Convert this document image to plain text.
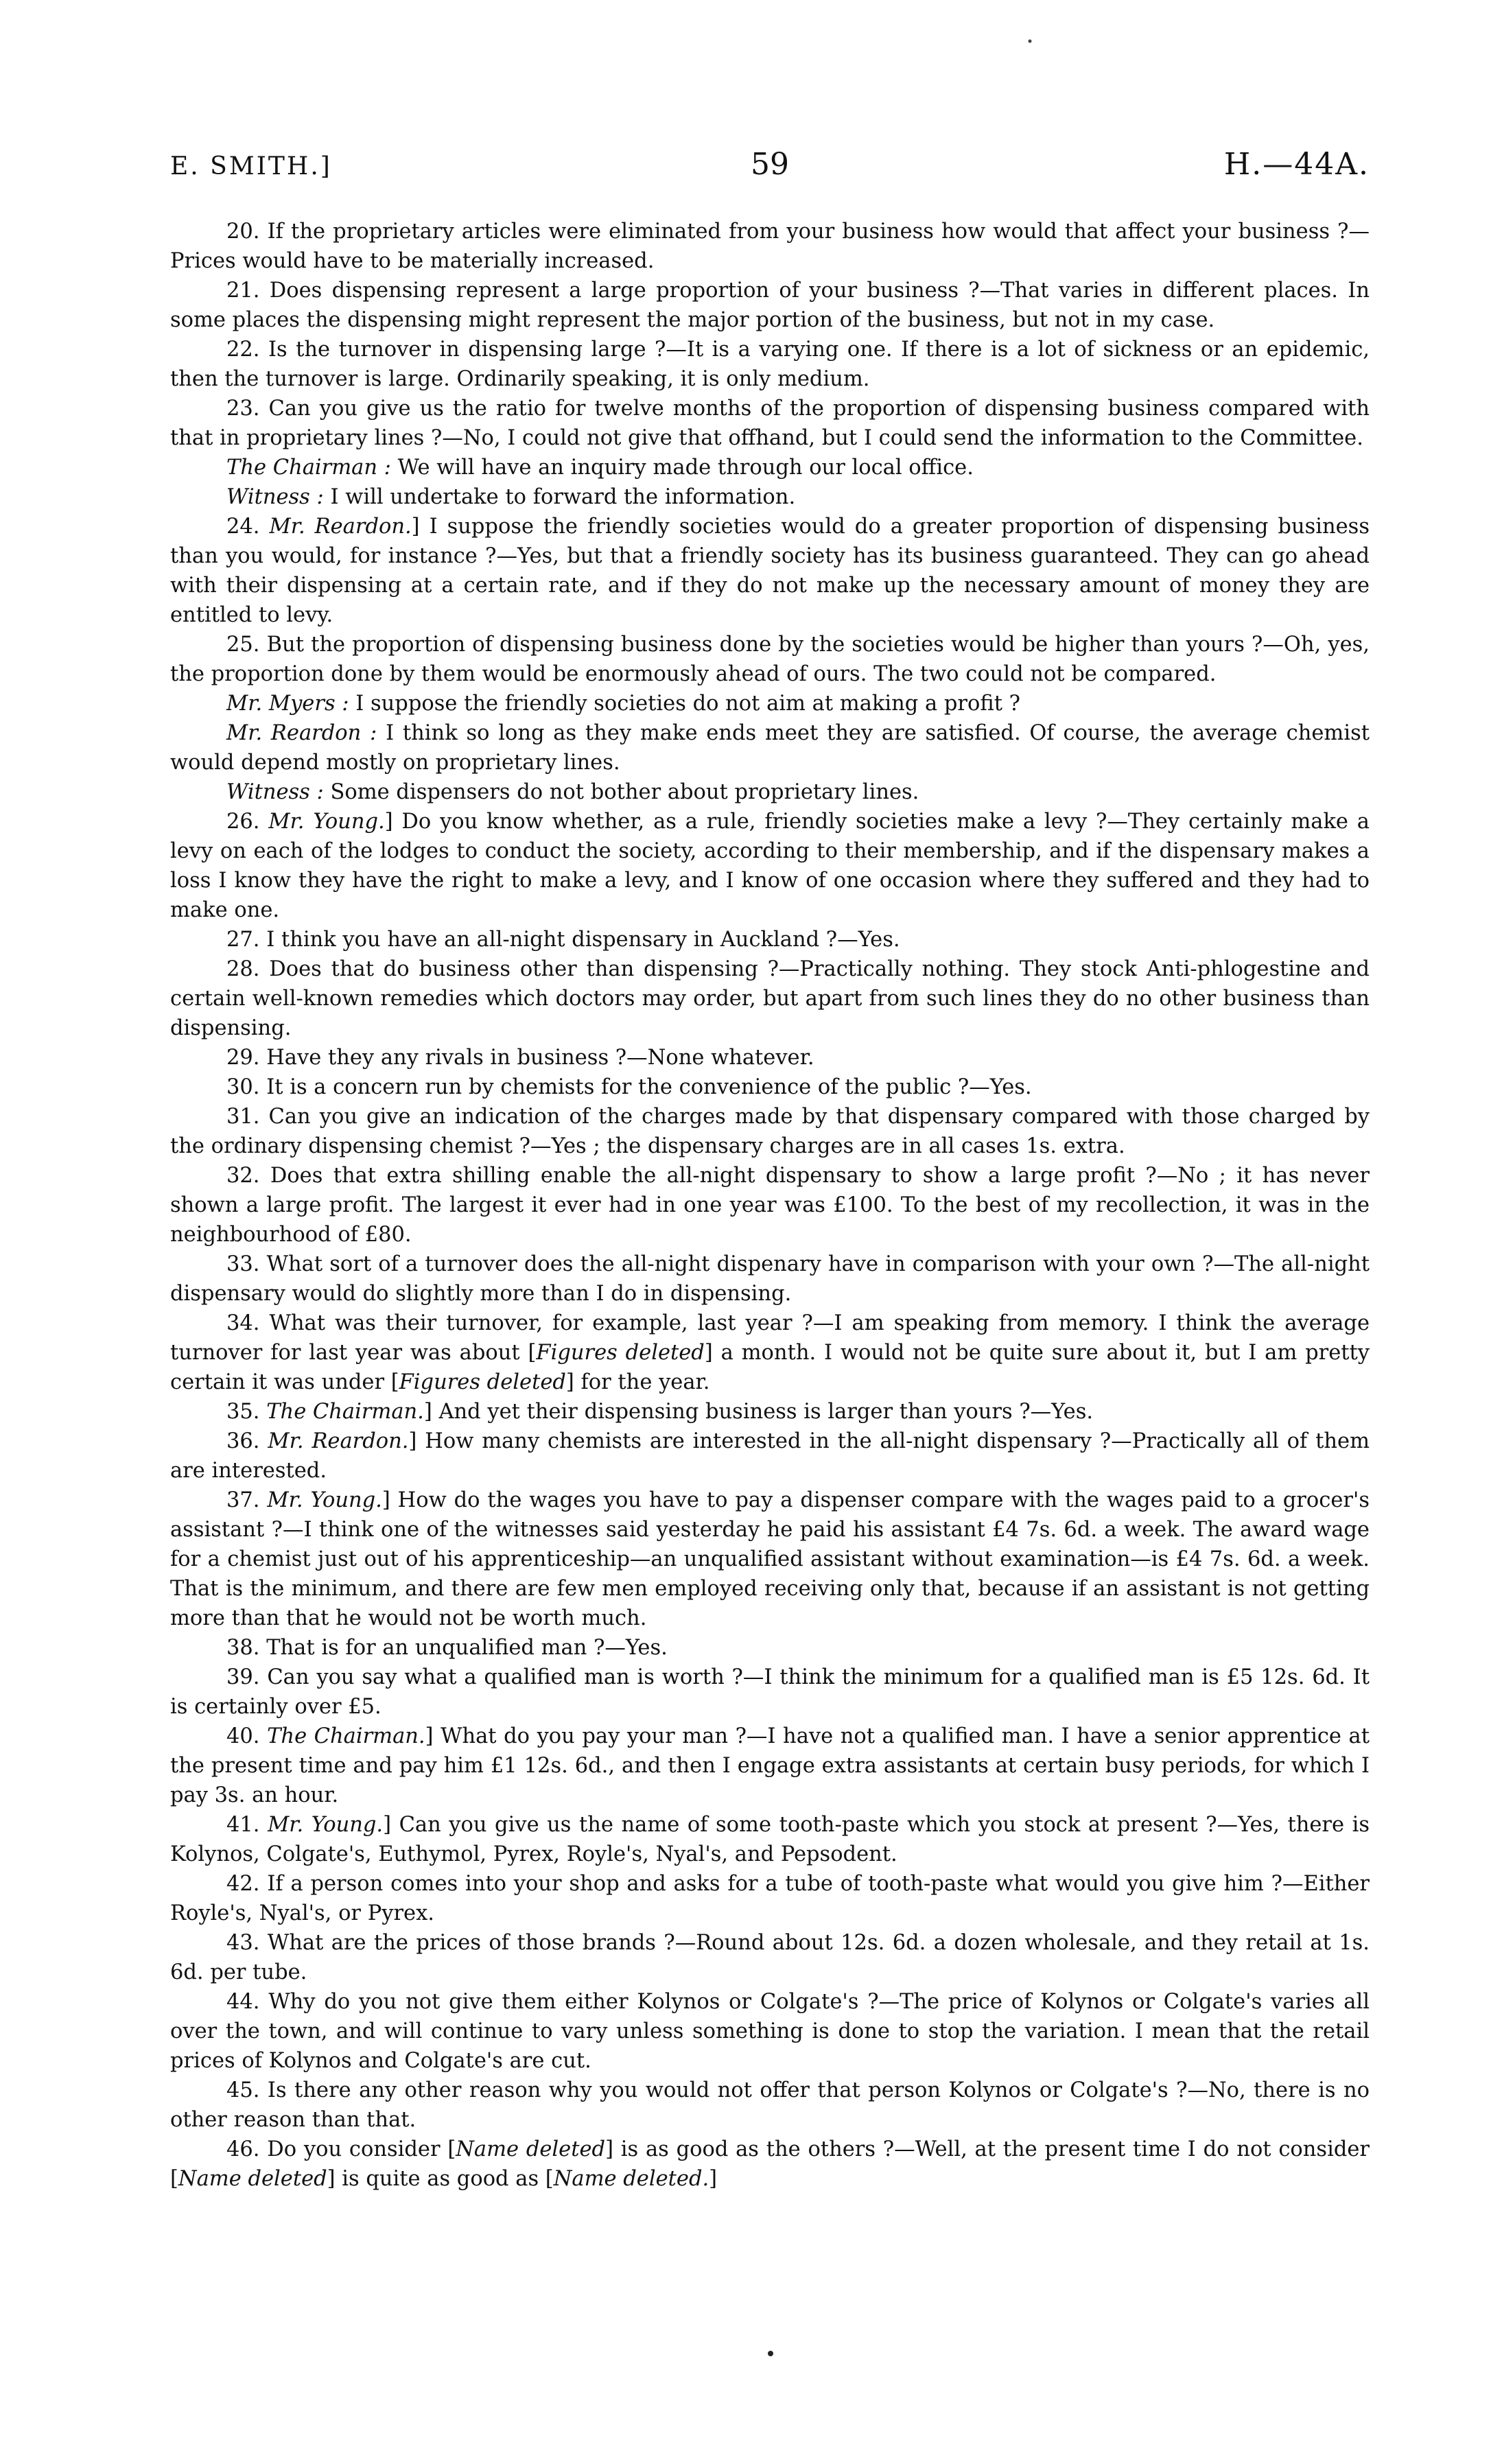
E. SMITH.]	59	H.—44A.

20. If the proprietary articles were eliminated from your business how would that affect your business ?—Prices would have to be materially increased.

21. Does dispensing represent a large proportion of your business ?—That varies in different places. In some places the dispensing might represent the major portion of the business, but not in my case.

22. Is the turnover in dispensing large ?—It is a varying one. If there is a lot of sickness or an epidemic, then the turnover is large. Ordinarily speaking, it is only medium.

23. Can you give us the ratio for twelve months of the proportion of dispensing business compared with that in proprietary lines ?—No, I could not give that offhand, but I could send the information to the Committee.

The Chairman : We will have an inquiry made through our local office.

Witness : I will undertake to forward the information.

24. Mr. Reardon.] I suppose the friendly societies would do a greater proportion of dispensing business than you would, for instance ?—Yes, but that a friendly society has its business guaranteed. They can go ahead with their dispensing at a certain rate, and if they do not make up the necessary amount of money they are entitled to levy.

25. But the proportion of dispensing business done by the societies would be higher than yours ?—Oh, yes, the proportion done by them would be enormously ahead of ours. The two could not be compared.

Mr. Myers : I suppose the friendly societies do not aim at making a profit ?

Mr. Reardon : I think so long as they make ends meet they are satisfied. Of course, the average chemist would depend mostly on proprietary lines.

Witness : Some dispensers do not bother about proprietary lines.

26. Mr. Young.] Do you know whether, as a rule, friendly societies make a levy ?—They certainly make a levy on each of the lodges to conduct the society, according to their membership, and if the dispensary makes a loss I know they have the right to make a levy, and I know of one occasion where they suffered and they had to make one.

27. I think you have an all-night dispensary in Auckland ?—Yes.

28. Does that do business other than dispensing ?—Practically nothing. They stock Anti-phlogestine and certain well-known remedies which doctors may order, but apart from such lines they do no other business than dispensing.

29. Have they any rivals in business ?—None whatever.

30. It is a concern run by chemists for the convenience of the public ?—Yes.

31. Can you give an indication of the charges made by that dispensary compared with those charged by the ordinary dispensing chemist ?—Yes ; the dispensary charges are in all cases 1s. extra.

32. Does that extra shilling enable the all-night dispensary to show a large profit ?—No ; it has never shown a large profit. The largest it ever had in one year was £100. To the best of my recollection, it was in the neighbourhood of £80.

33. What sort of a turnover does the all-night dispenary have in comparison with your own ?—The all-night dispensary would do slightly more than I do in dispensing.

34. What was their turnover, for example, last year ?—I am speaking from memory. I think the average turnover for last year was about [Figures deleted] a month. I would not be quite sure about it, but I am pretty certain it was under [Figures deleted] for the year.

35. The Chairman.] And yet their dispensing business is larger than yours ?—Yes.

36. Mr. Reardon.] How many chemists are interested in the all-night dispensary ?—Practically all of them are interested.

37. Mr. Young.] How do the wages you have to pay a dispenser compare with the wages paid to a grocer's assistant ?—I think one of the witnesses said yesterday he paid his assistant £4 7s. 6d. a week. The award wage for a chemist just out of his apprenticeship—an unqualified assistant without examination—is £4 7s. 6d. a week. That is the minimum, and there are few men employed receiving only that, because if an assistant is not getting more than that he would not be worth much.

38. That is for an unqualified man ?—Yes.

39. Can you say what a qualified man is worth ?—I think the minimum for a qualified man is £5 12s. 6d. It is certainly over £5.

40. The Chairman.] What do you pay your man ?—I have not a qualified man. I have a senior apprentice at the present time and pay him £1 12s. 6d., and then I engage extra assistants at certain busy periods, for which I pay 3s. an hour.

41. Mr. Young.] Can you give us the name of some tooth-paste which you stock at present ?—Yes, there is Kolynos, Colgate's, Euthymol, Pyrex, Royle's, Nyal's, and Pepsodent.

42. If a person comes into your shop and asks for a tube of tooth-paste what would you give him ?—Either Royle's, Nyal's, or Pyrex.

43. What are the prices of those brands ?—Round about 12s. 6d. a dozen wholesale, and they retail at 1s. 6d. per tube.

44. Why do you not give them either Kolynos or Colgate's ?—The price of Kolynos or Colgate's varies all over the town, and will continue to vary unless something is done to stop the variation. I mean that the retail prices of Kolynos and Colgate's are cut.

45. Is there any other reason why you would not offer that person Kolynos or Colgate's ?—No, there is no other reason than that.

46. Do you consider [Name deleted] is as good as the others ?—Well, at the present time I do not consider [Name deleted] is quite as good as [Name deleted.]
